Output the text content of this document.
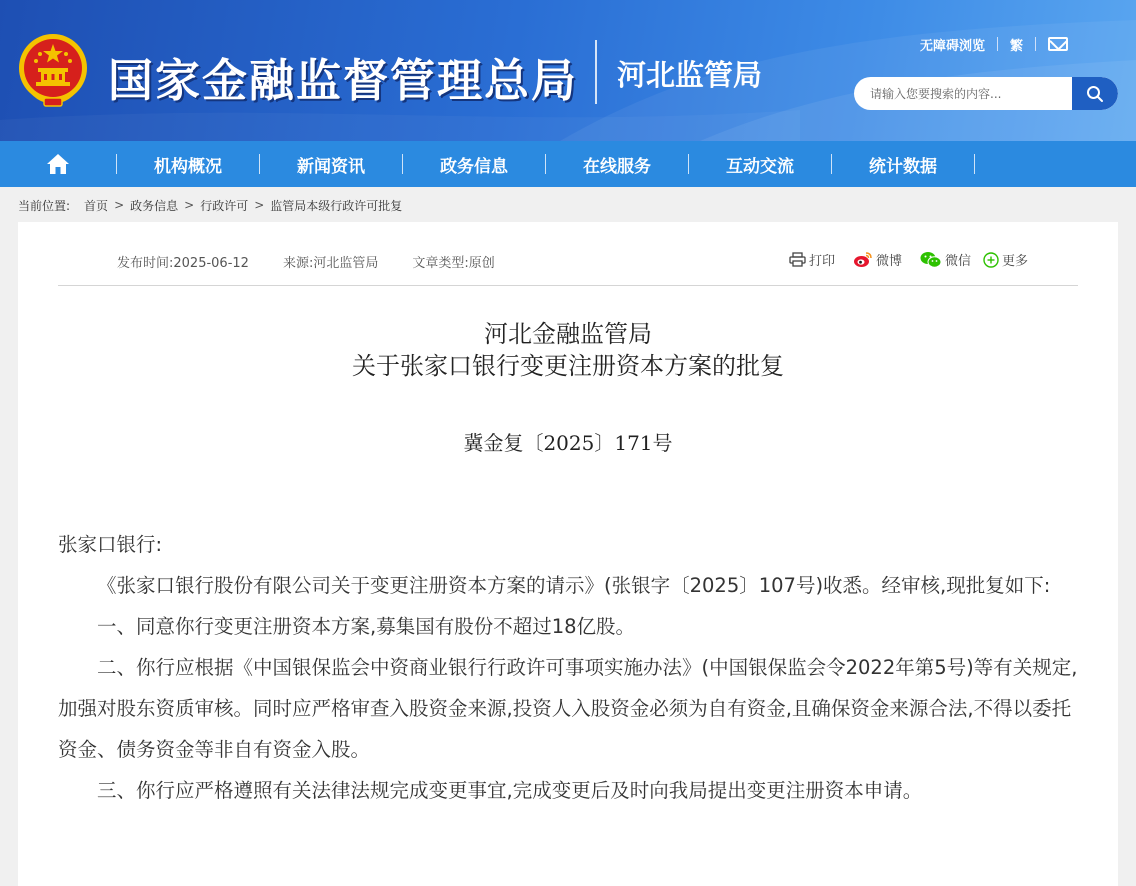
国家金融监督管理总局 河北监管局
无障碍浏览 繁
请输入您要搜索的内容...
机构概况	新闻资讯	政务信息	在线服务	互动交流	统计数据
当前位置: 首页 > 政务信息 > 行政许可 > 监管局本级行政许可批复
发布时间:2025-06-12	来源:河北监管局	文章类型:原创	打印	微博	微信 更多
河北金融监管局
关于张家口银行变更注册资本方案的批复
冀金复〔2025〕171号

张家口银行:

《张家口银行股份有限公司关于变更注册资本方案的请示》(张银字〔2025〕107号)收悉。经审核,现批复如下:

一、同意你行变更注册资本方案,募集国有股份不超过18亿股。

二、你行应根据《中国银保监会中资商业银行行政许可事项实施办法》(中国银保监会令2022年第5号)等有关规定,加强对股东资质审核。同时应严格审查入股资金来源,投资人入股资金必须为自有资金,且确保资金来源合法,不得以委托资金、债务资金等非自有资金入股。

三、你行应严格遵照有关法律法规完成变更事宜,完成变更后及时向我局提出变更注册资本申请。
